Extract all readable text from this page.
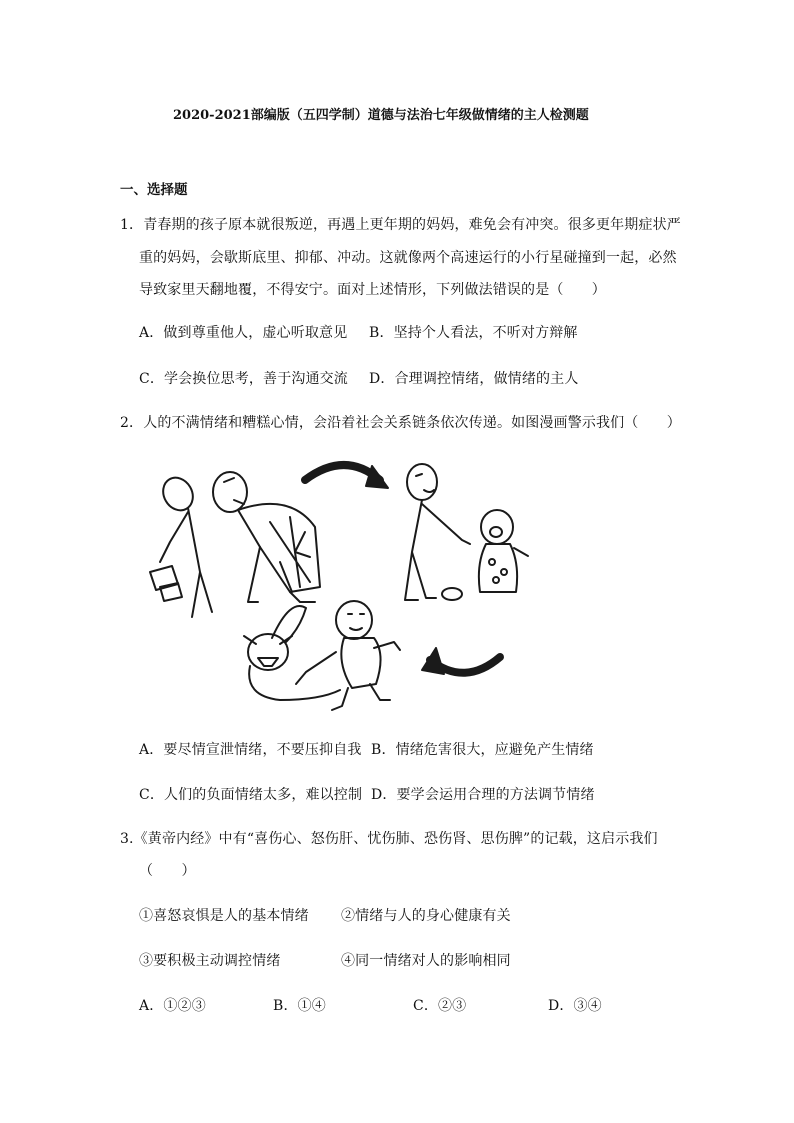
2020-2021部编版（五四学制）道德与法治七年级做情绪的主人检测题
一、选择题
1．青春期的孩子原本就很叛逆，再遇上更年期的妈妈，难免会有冲突。很多更年期症状严
重的妈妈，会歇斯底里、抑郁、冲动。这就像两个高速运行的小行星碰撞到一起，必然
导致家里天翻地覆，不得安宁。面对上述情形，下列做法错误的是（　　）
A．做到尊重他人，虚心听取意见 B．坚持个人看法，不听对方辩解
C．学会换位思考，善于沟通交流 D．合理调控情绪，做情绪的主人
2．人的不满情绪和糟糕心情，会沿着社会关系链条依次传递。如图漫画警示我们（　　）
A．要尽情宣泄情绪，不要压抑自我 B．情绪危害很大，应避免产生情绪
C．人们的负面情绪太多，难以控制 D．要学会运用合理的方法调节情绪
3.《黄帝内经》中有“喜伤心、怒伤肝、忧伤肺、恐伤肾、思伤脾”的记载，这启示我们
（　　）
①喜怒哀惧是人的基本情绪 ②情绪与人的身心健康有关
③要积极主动调控情绪	④同一情绪对人的影响相同
A．①②③	B．①④	C．②③	D．③④
